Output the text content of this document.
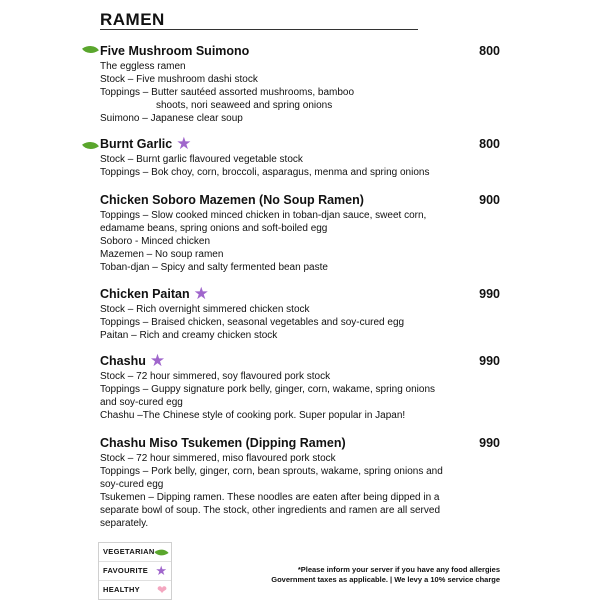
RAMEN
Five Mushroom Suimono	800
The eggless ramen
Stock – Five mushroom dashi stock
Toppings – Butter sautéed assorted mushrooms, bamboo
shoots, nori seaweed and spring onions
Suimono – Japanese clear soup
Burnt Garlic ★	800
Stock – Burnt garlic flavoured vegetable stock
Toppings – Bok choy, corn, broccoli, asparagus, menma and spring onions
Chicken Soboro Mazemen (No Soup Ramen)	900
Toppings – Slow cooked minced chicken in toban-djan sauce, sweet corn,
edamame beans, spring onions and soft-boiled egg
Soboro - Minced chicken
Mazemen – No soup ramen
Toban-djan – Spicy and salty fermented bean paste
Chicken Paitan ★	990
Stock – Rich overnight simmered chicken stock
Toppings – Braised chicken, seasonal vegetables and soy-cured egg
Paitan – Rich and creamy chicken stock
Chashu ★	990
Stock – 72 hour simmered, soy flavoured pork stock
Toppings – Guppy signature pork belly, ginger, corn, wakame, spring onions
and soy-cured egg
Chashu –The Chinese style of cooking pork. Super popular in Japan!
Chashu Miso Tsukemen (Dipping Ramen)	990
Stock – 72 hour simmered, miso flavoured pork stock
Toppings – Pork belly, ginger, corn, bean sprouts, wakame, spring onions and
soy-cured egg
Tsukemen – Dipping ramen. These noodles are eaten after being dipped in a
separate bowl of soup. The stock, other ingredients and ramen are all served
separately.
VEGETARIAN
FAVOURITE ★
HEALTHY ❤
*Please inform your server if you have any food allergies
Government taxes as applicable. | We levy a 10% service charge
